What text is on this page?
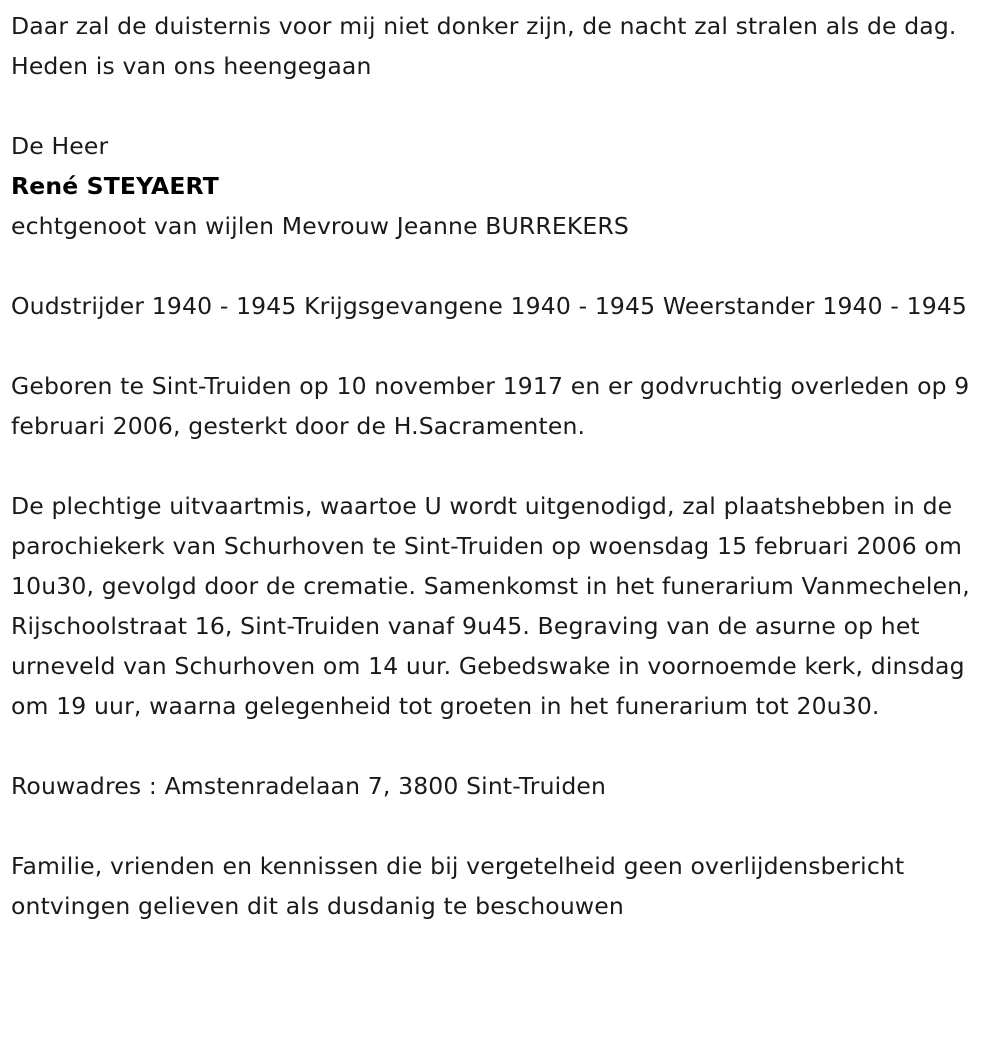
Daar zal de duisternis voor mij niet donker zijn, de nacht zal stralen als de dag. Heden is van ons heengegaan

De Heer

René STEYAERT

echtgenoot van wijlen Mevrouw Jeanne BURREKERS

Oudstrijder 1940 - 1945 Krijgsgevangene 1940 - 1945 Weerstander 1940 - 1945

Geboren te Sint-Truiden op 10 november 1917 en er godvruchtig overleden op 9 februari 2006, gesterkt door de H.Sacramenten.

De plechtige uitvaartmis, waartoe U wordt uitgenodigd, zal plaatshebben in de parochiekerk van Schurhoven te Sint-Truiden op woensdag 15 februari 2006 om 10u30, gevolgd door de crematie. Samenkomst in het funerarium Vanmechelen, Rijschoolstraat 16, Sint-Truiden vanaf 9u45. Begraving van de asurne op het urneveld van Schurhoven om 14 uur. Gebedswake in voornoemde kerk, dinsdag om 19 uur, waarna gelegenheid tot groeten in het funerarium tot 20u30.

Rouwadres : Amstenradelaan 7, 3800 Sint-Truiden

Familie, vrienden en kennissen die bij vergetelheid geen overlijdensbericht ontvingen gelieven dit als dusdanig te beschouwen
